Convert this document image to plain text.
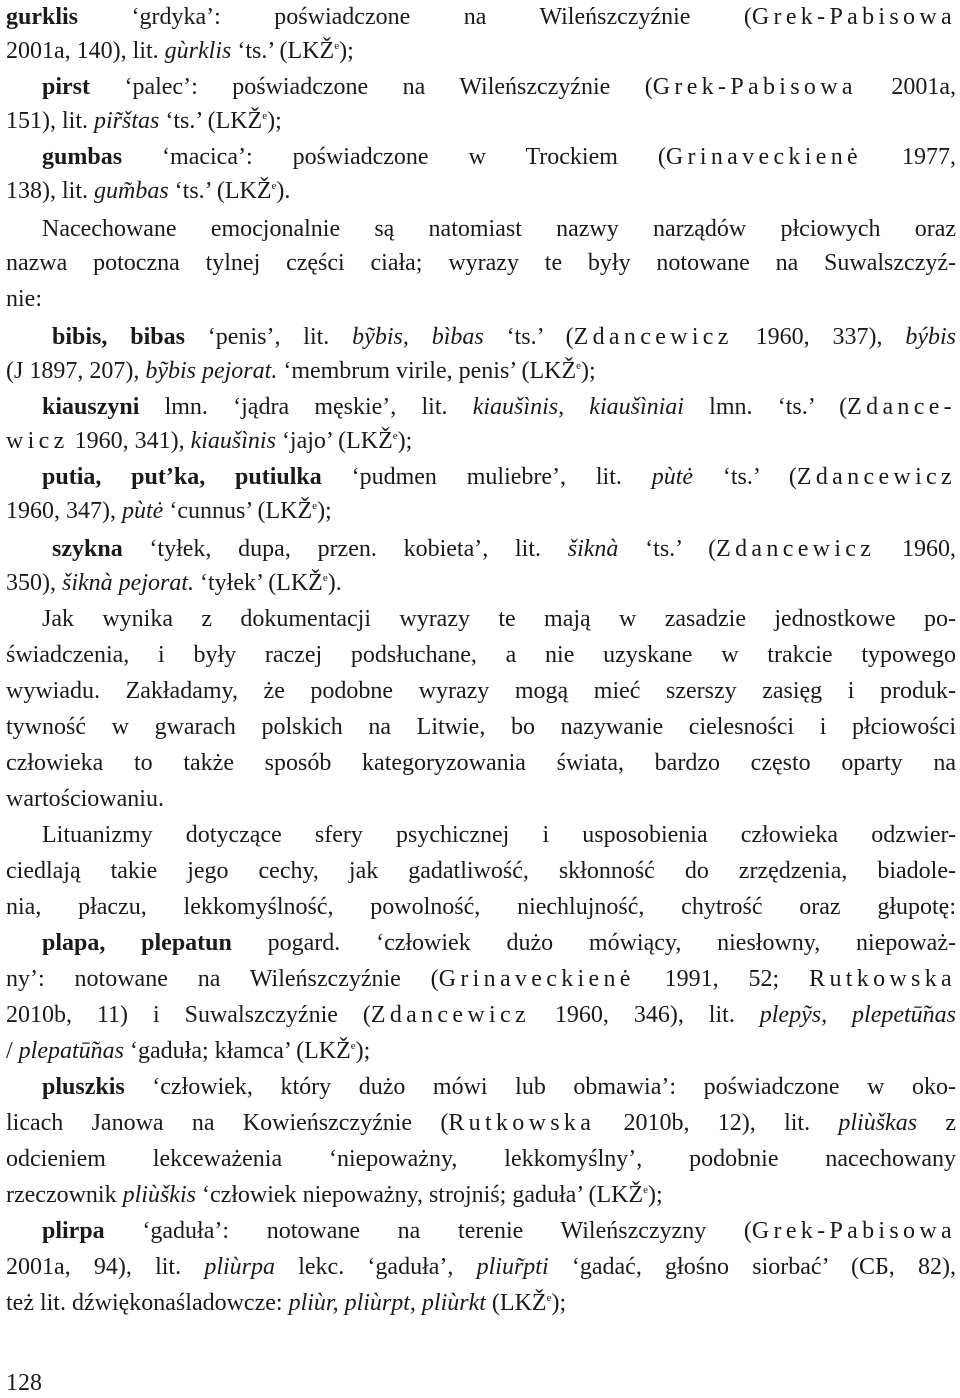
gurklis ‘grdyka’: poświadczone na Wileńszczyźnie (Grek-Pabisowa
2001a, 140), lit. gùrklis ‘ts.’ (LKŽ$^e$);
pirst ‘palec’: poświadczone na Wileńszczyźnie (Grek-Pabisowa 2001a,
151), lit. pir̃štas ‘ts.’ (LKŽ$^e$);
gumbas ‘macica’: poświadczone w Trockiem (Grinaveckienė 1977,
138), lit. gum̃bas ‘ts.’ (LKŽ$^e$).
Nacechowane emocjonalnie są natomiast nazwy narządów płciowych oraz
nazwa potoczna tylnej części ciała; wyrazy te były notowane na Suwalszczyź-
nie:
bibis, bibas ‘penis’, lit. bỹbis, bìbas ‘ts.’ (Zdancewicz 1960, 337), býbis
(J 1897, 207), bỹbis pejorat. ‘membrum virile, penis’ (LKŽ$^e$);
kiauszyni lmn. ‘jądra męskie’, lit. kiaušìnis, kiaušìniai lmn. ‘ts.’ (Zdance-
wicz 1960, 341), kiaušìnis ‘jajo’ (LKŽ$^e$);
putia, put’ka, putiulka ‘pudmen muliebre’, lit. pùtė ‘ts.’ (Zdancewicz
1960, 347), pùtė ‘cunnus’ (LKŽ$^e$);
szykna ‘tyłek, dupa, przen. kobieta’, lit. šiknà ‘ts.’ (Zdancewicz 1960,
350), šiknà pejorat. ‘tyłek’ (LKŽ$^e$).
Jak wynika z dokumentacji wyrazy te mają w zasadzie jednostkowe po-
świadczenia, i były raczej podsłuchane, a nie uzyskane w trakcie typowego
wywiadu. Zakładamy, że podobne wyrazy mogą mieć szerszy zasięg i produk-
tywność w gwarach polskich na Litwie, bo nazywanie cielesności i płciowości
człowieka to także sposób kategoryzowania świata, bardzo często oparty na
wartościowaniu.
Lituanizmy dotyczące sfery psychicznej i usposobienia człowieka odzwier-
ciedlają takie jego cechy, jak gadatliwość, skłonność do zrzędzenia, biadole-
nia, płaczu, lekkomyślność, powolność, niechlujność, chytrość oraz głupotę:
plapa, plepatun pogard. ‘człowiek dużo mówiący, niesłowny, niepoważ-
ny’: notowane na Wileńszczyźnie (Grinaveckienė 1991, 52; Rutkowska
2010b, 11) i Suwalszczyźnie (Zdancewicz 1960, 346), lit. plepỹs, plepetū̃nas
/ plepatū̃nas ‘gaduła; kłamca’ (LKŽ$^e$);
pluszkis ‘człowiek, który dużo mówi lub obmawia’: poświadczone w oko-
licach Janowa na Kowieńszczyźnie (Rutkowska 2010b, 12), lit. pliùškas z
odcieniem lekceważenia ‘niepoważny, lekkomyślny’, podobnie nacechowany
rzeczownik pliùškis ‘człowiek niepoważny, strojniś; gaduła’ (LKŽ$^e$);
plirpa ‘gaduła’: notowane na terenie Wileńszczyzny (Grek-Pabisowa
2001a, 94), lit. pliùrpa lekc. ‘gaduła’, pliur̃pti ‘gadać, głośno siorbać’ (СБ, 82),
też lit. dźwiękonaśladowcze: pliùr, pliùrpt, pliùrkt (LKŽ$^e$);
128
